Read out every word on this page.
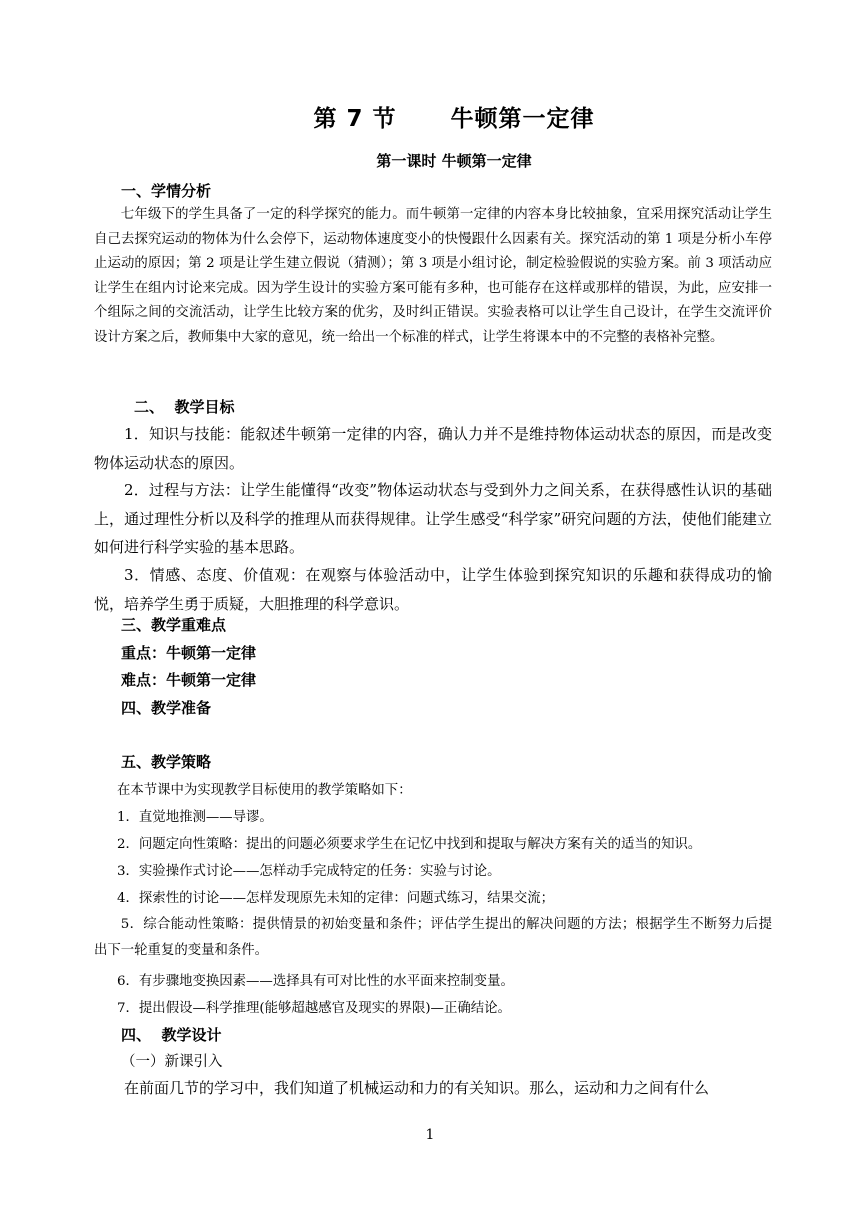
第 7 节      牛顿第一定律
第一课时 牛顿第一定律
一、学情分析

七年级下的学生具备了一定的科学探究的能力。而牛顿第一定律的内容本身比较抽象，宜采用探究活动让学生自己去探究运动的物体为什么会停下，运动物体速度变小的快慢跟什么因素有关。探究活动的第 1 项是分析小车停止运动的原因；第 2 项是让学生建立假说（猜测）；第 3 项是小组讨论，制定检验假说的实验方案。前 3 项活动应让学生在组内讨论来完成。因为学生设计的实验方案可能有多种，也可能存在这样或那样的错误，为此，应安排一个组际之间的交流活动，让学生比较方案的优劣，及时纠正错误。实验表格可以让学生自己设计，在学生交流评价设计方案之后，教师集中大家的意见，统一给出一个标准的样式，让学生将课本中的不完整的表格补完整。

二、  教学目标

1．知识与技能：能叙述牛顿第一定律的内容，确认力并不是维持物体运动状态的原因，而是改变物体运动状态的原因。

2．过程与方法：让学生能懂得“改变”物体运动状态与受到外力之间关系，在获得感性认识的基础上，通过理性分析以及科学的推理从而获得规律。让学生感受“科学家”研究问题的方法，使他们能建立如何进行科学实验的基本思路。

3．情感、态度、价值观：在观察与体验活动中，让学生体验到探究知识的乐趣和获得成功的愉悦，培养学生勇于质疑，大胆推理的科学意识。

三、教学重难点
重点：牛顿第一定律
难点：牛顿第一定律
四、教学准备
五、教学策略
在本节课中为实现教学目标使用的教学策略如下：
1．直觉地推测——导谬。
2．问题定向性策略：提出的问题必须要求学生在记忆中找到和提取与解决方案有关的适当的知识。
3．实验操作式讨论——怎样动手完成特定的任务：实验与讨论。
4．探索性的讨论——怎样发现原先未知的定律：问题式练习，结果交流；

5．综合能动性策略：提供情景的初始变量和条件；评估学生提出的解决问题的方法；根据学生不断努力后提出下一轮重复的变量和条件。

6．有步骤地变换因素——选择具有可对比性的水平面来控制变量。
7．提出假设—科学推理(能够超越感官及现实的界限)—正确结论。
四、  教学设计
（一）新课引入

在前面几节的学习中，我们知道了机械运动和力的有关知识。那么，运动和力之间有什么

1
